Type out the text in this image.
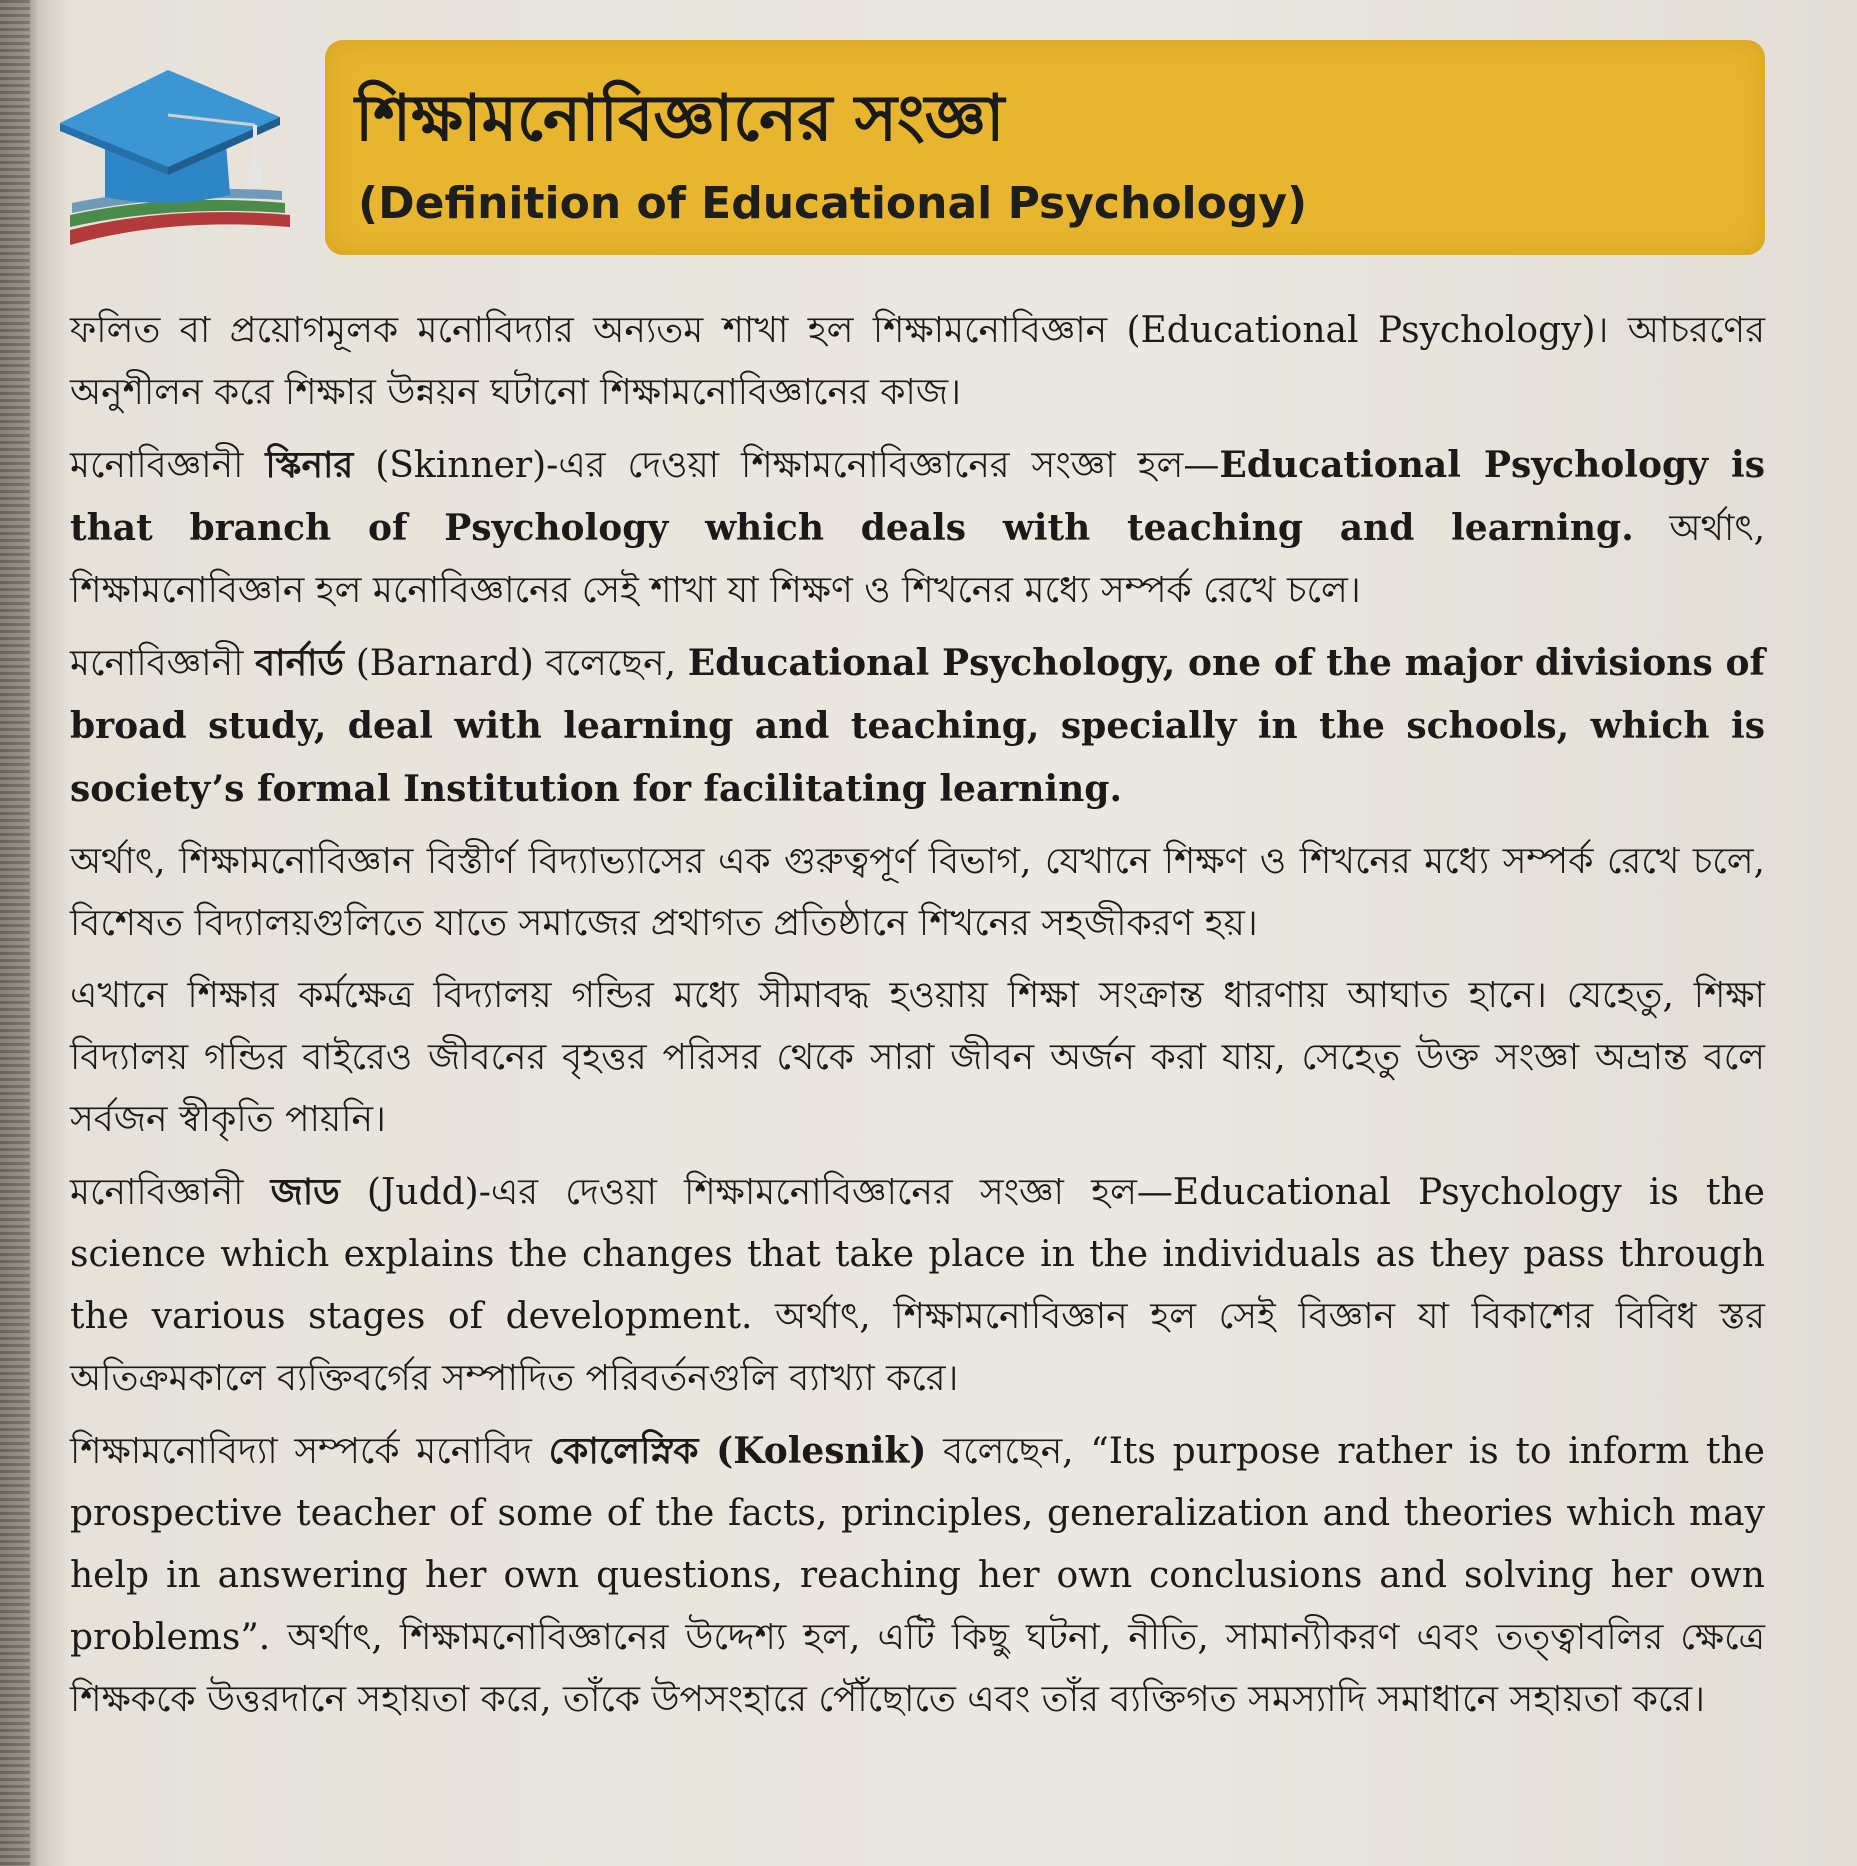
শিক্ষামনোবিজ্ঞানের সংজ্ঞা
(Definition of Educational Psychology)

ফলিত বা প্রয়োগমূলক মনোবিদ্যার অন্যতম শাখা হল শিক্ষামনোবিজ্ঞান (Educational Psychology)। আচরণের অনুশীলন করে শিক্ষার উন্নয়ন ঘটানো শিক্ষামনোবিজ্ঞানের কাজ।

মনোবিজ্ঞানী স্কিনার (Skinner)-এর দেওয়া শিক্ষামনোবিজ্ঞানের সংজ্ঞা হল—Educational Psychology is that branch of Psychology which deals with teaching and learning. অর্থাৎ, শিক্ষামনোবিজ্ঞান হল মনোবিজ্ঞানের সেই শাখা যা শিক্ষণ ও শিখনের মধ্যে সম্পর্ক রেখে চলে।

মনোবিজ্ঞানী বার্নার্ড (Barnard) বলেছেন, Educational Psychology, one of the major divisions of broad study, deal with learning and teaching, specially in the schools, which is society’s formal Institution for facilitating learning.

অর্থাৎ, শিক্ষামনোবিজ্ঞান বিস্তীর্ণ বিদ্যাভ্যাসের এক গুরুত্বপূর্ণ বিভাগ, যেখানে শিক্ষণ ও শিখনের মধ্যে সম্পর্ক রেখে চলে, বিশেষত বিদ্যালয়গুলিতে যাতে সমাজের প্রথাগত প্রতিষ্ঠানে শিখনের সহজীকরণ হয়।

এখানে শিক্ষার কর্মক্ষেত্র বিদ্যালয় গন্ডির মধ্যে সীমাবদ্ধ হওয়ায় শিক্ষা সংক্রান্ত ধারণায় আঘাত হানে। যেহেতু, শিক্ষা বিদ্যালয় গন্ডির বাইরেও জীবনের বৃহত্তর পরিসর থেকে সারা জীবন অর্জন করা যায়, সেহেতু উক্ত সংজ্ঞা অভ্রান্ত বলে সর্বজন স্বীকৃতি পায়নি।

মনোবিজ্ঞানী জাড (Judd)-এর দেওয়া শিক্ষামনোবিজ্ঞানের সংজ্ঞা হল—Educational Psychology is the science which explains the changes that take place in the individuals as they pass through the various stages of development. অর্থাৎ, শিক্ষামনোবিজ্ঞান হল সেই বিজ্ঞান যা বিকাশের বিবিধ স্তর অতিক্রমকালে ব্যক্তিবর্গের সম্পাদিত পরিবর্তনগুলি ব্যাখ্যা করে।

শিক্ষামনোবিদ্যা সম্পর্কে মনোবিদ কোলেস্নিক (Kolesnik) বলেছেন, “Its purpose rather is to inform the prospective teacher of some of the facts, principles, generalization and theories which may help in answering her own questions, reaching her own conclusions and solving her own problems”. অর্থাৎ, শিক্ষামনোবিজ্ঞানের উদ্দেশ্য হল, এটি কিছু ঘটনা, নীতি, সামান্যীকরণ এবং তত্ত্বাবলির ক্ষেত্রে শিক্ষককে উত্তরদানে সহায়তা করে, তাঁকে উপসংহারে পৌঁছোতে এবং তাঁর ব্যক্তিগত সমস্যাদি সমাধানে সহায়তা করে।
